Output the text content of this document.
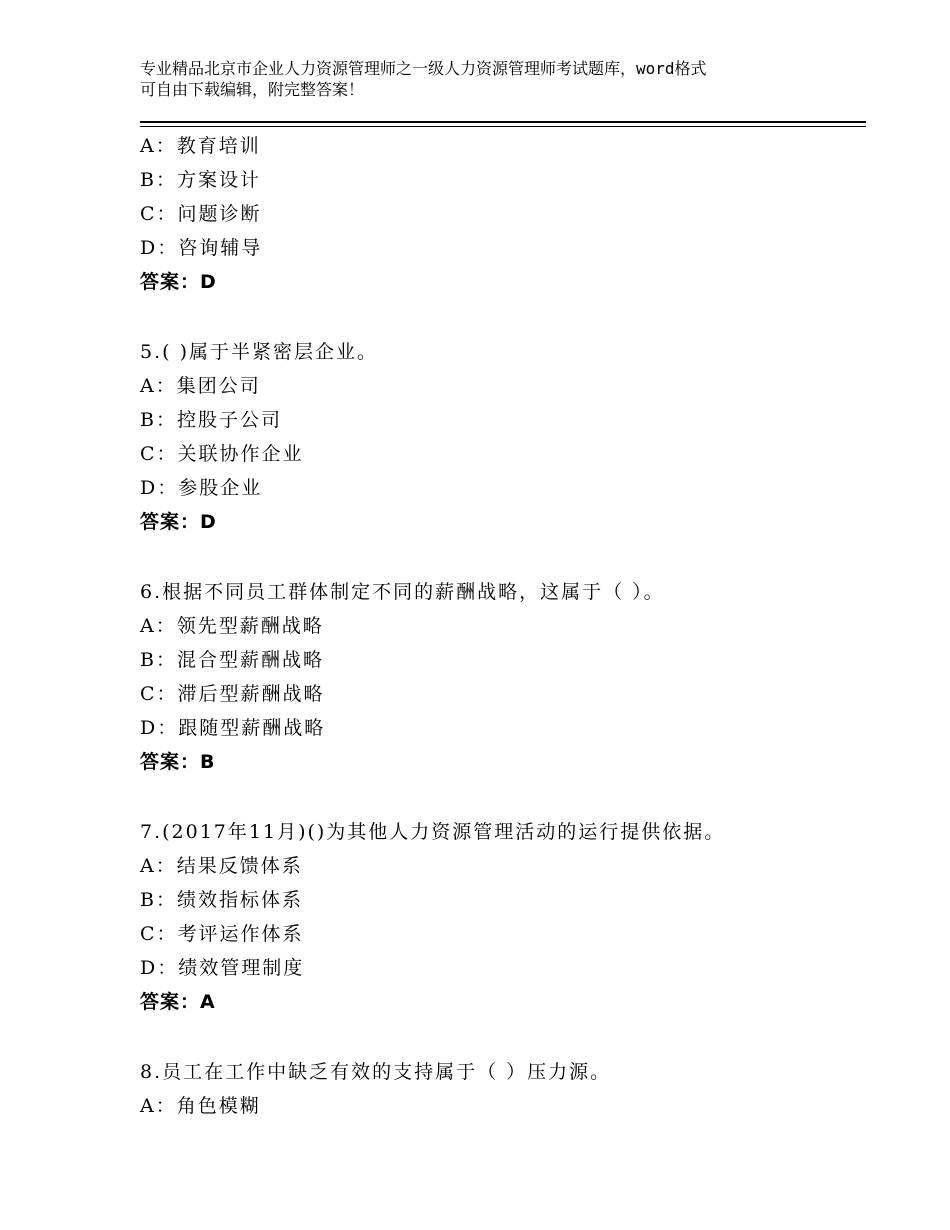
专业精品北京市企业人力资源管理师之一级人力资源管理师考试题库，word格式
可自由下载编辑，附完整答案！
A：教育培训
B：方案设计
C：问题诊断
D：咨询辅导
答案：D
5.( )属于半紧密层企业。
A：集团公司
B：控股子公司
C：关联协作企业
D：参股企业
答案：D
6.根据不同员工群体制定不同的薪酬战略，这属于（ ）。
A：领先型薪酬战略
B：混合型薪酬战略
C：滞后型薪酬战略
D：跟随型薪酬战略
答案：B
7.(2017年11月)()为其他人力资源管理活动的运行提供依据。
A：结果反馈体系
B：绩效指标体系
C：考评运作体系
D：绩效管理制度
答案：A
8.员工在工作中缺乏有效的支持属于（ ）压力源。
A：角色模糊
